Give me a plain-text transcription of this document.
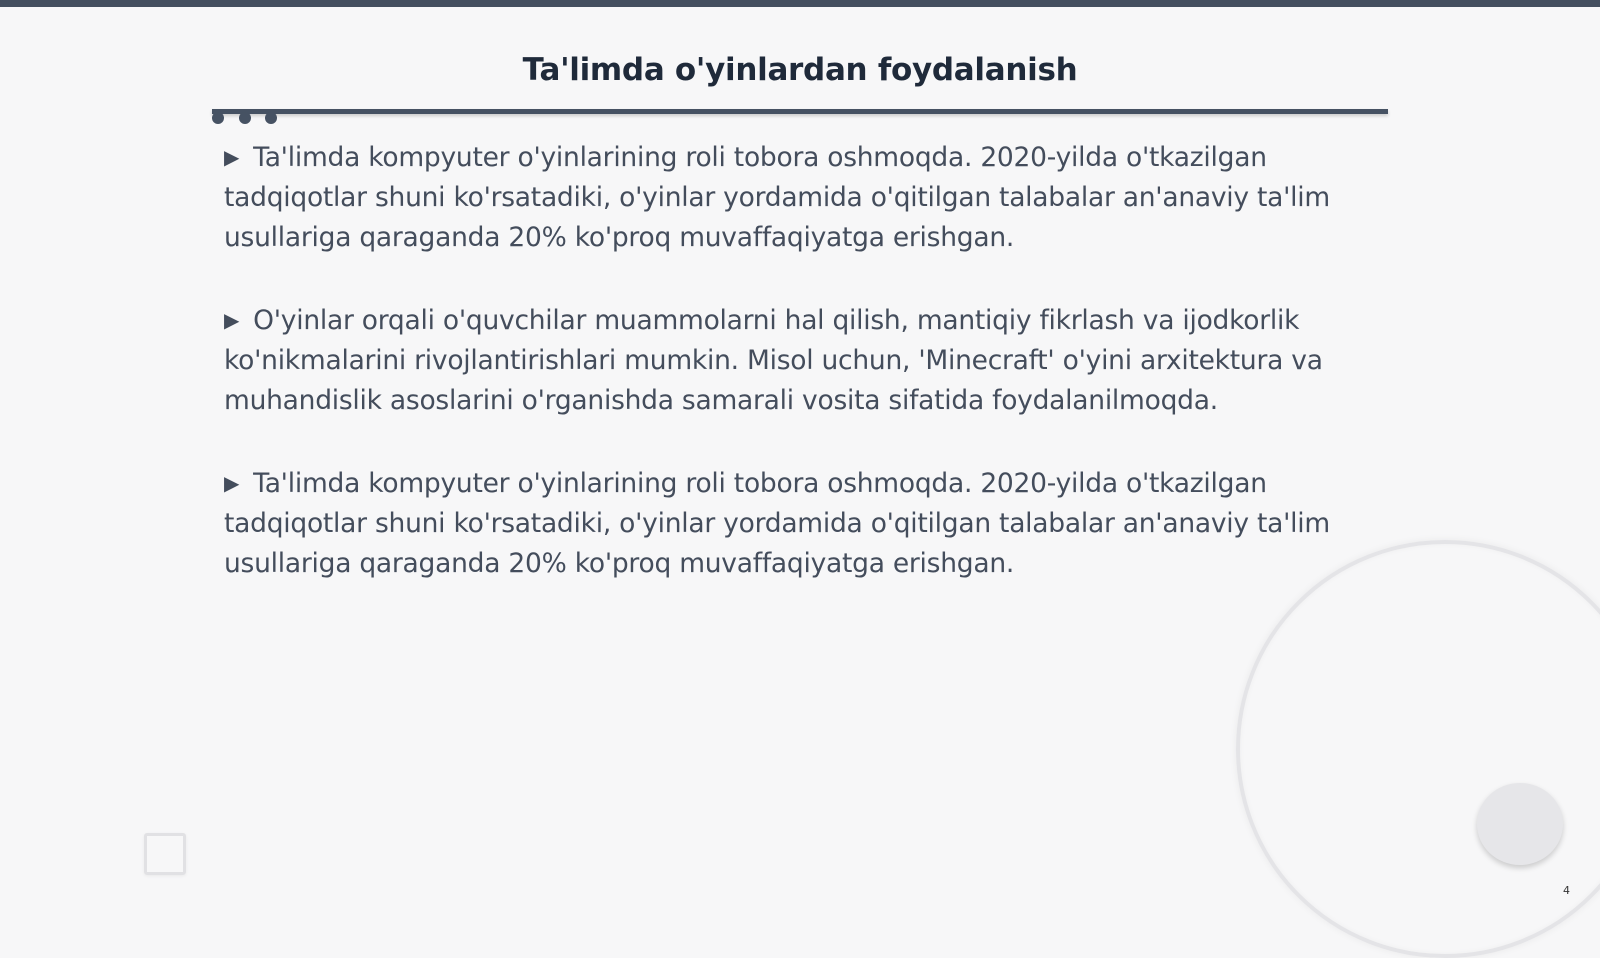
Ta'limda o'yinlardan foydalanish

▶ Ta'limda kompyuter o'yinlarining roli tobora oshmoqda. 2020-yilda o'tkazilgan tadqiqotlar shuni ko'rsatadiki, o'yinlar yordamida o'qitilgan talabalar an'anaviy ta'lim usullariga qaraganda 20% ko'proq muvaffaqiyatga erishgan.

▶ O'yinlar orqali o'quvchilar muammolarni hal qilish, mantiqiy fikrlash va ijodkorlik ko'nikmalarini rivojlantirishlari mumkin. Misol uchun, 'Minecraft' o'yini arxitektura va muhandislik asoslarini o'rganishda samarali vosita sifatida foydalanilmoqda.

▶ Ta'limda kompyuter o'yinlarining roli tobora oshmoqda. 2020-yilda o'tkazilgan tadqiqotlar shuni ko'rsatadiki, o'yinlar yordamida o'qitilgan talabalar an'anaviy ta'lim usullariga qaraganda 20% ko'proq muvaffaqiyatga erishgan.

4
